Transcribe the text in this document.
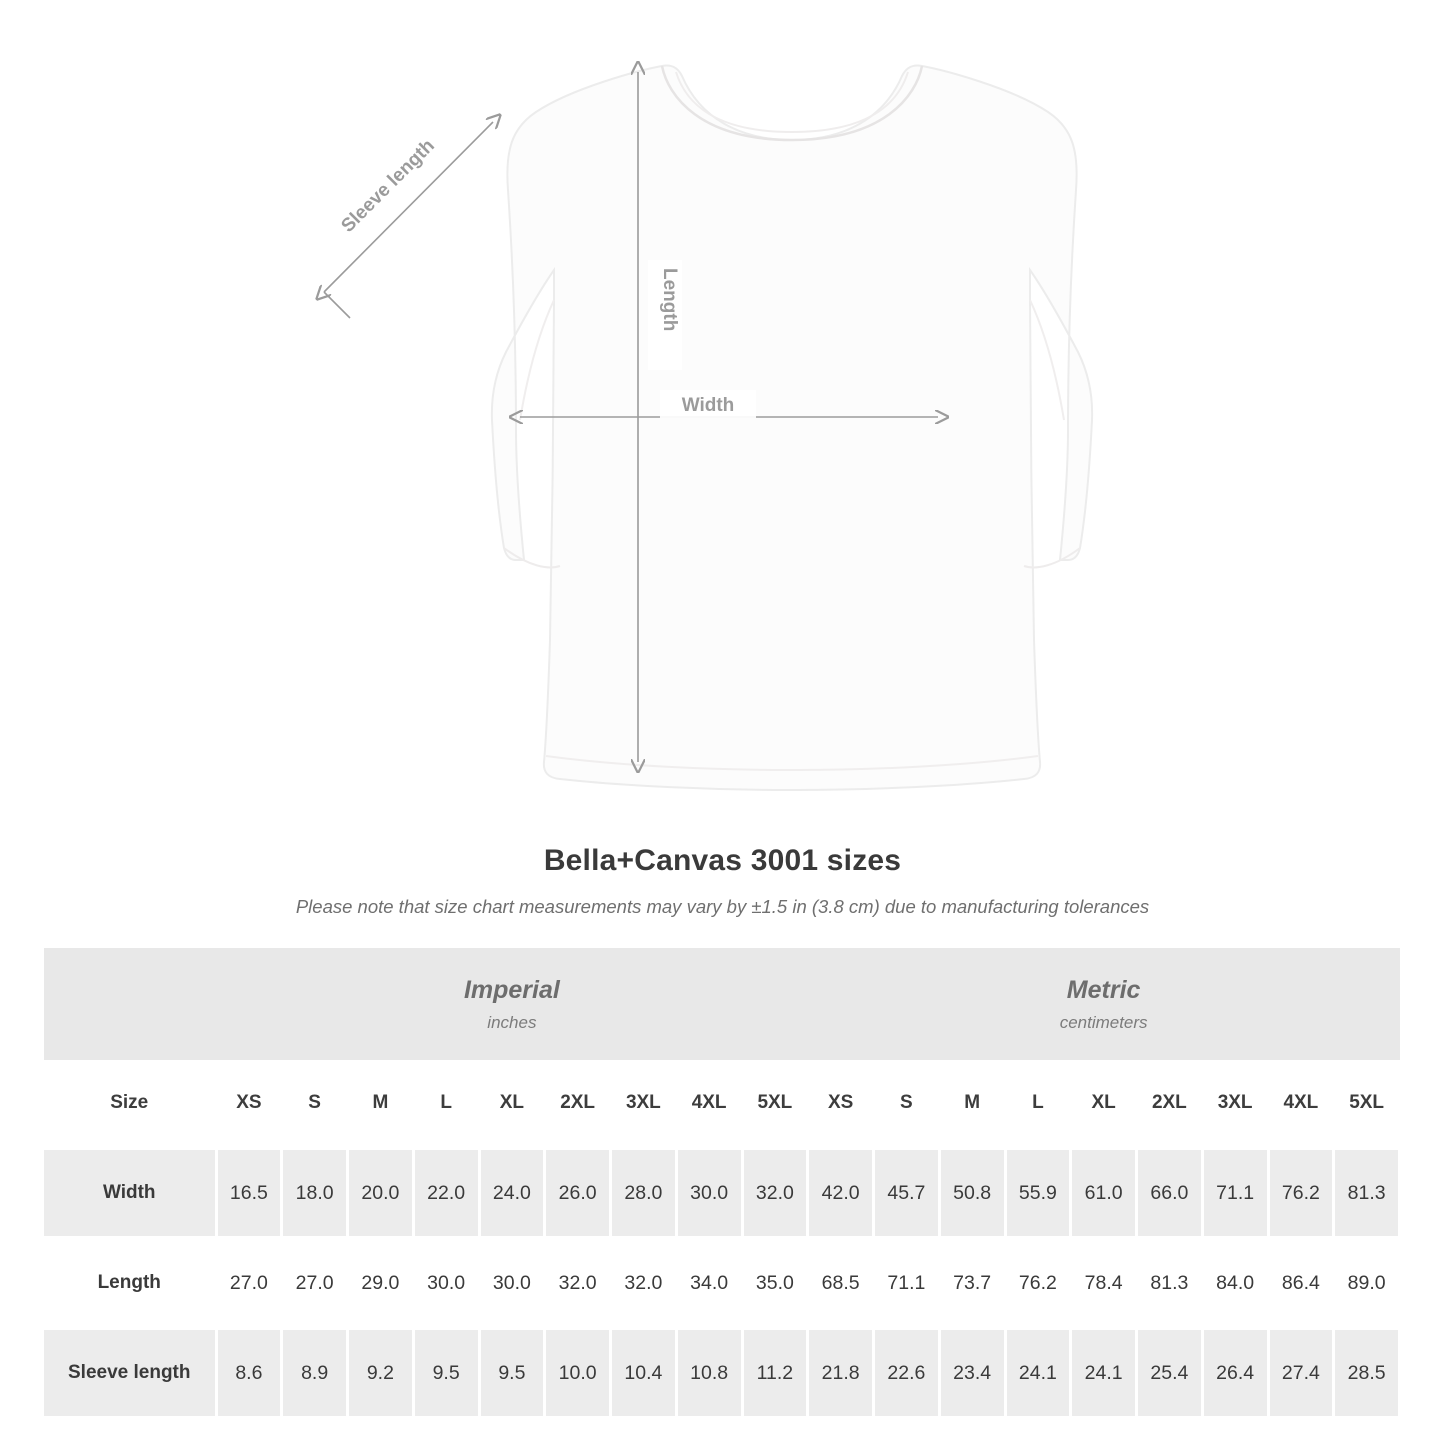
Length
Width
Sleeve length
Bella+Canvas 3001 sizes
Please note that size chart measurements may vary by ±1.5 in (3.8 cm) due to manufacturing tolerances

Imperial
inches

Metric
centimeters

Size	XS	S	M	L	XL	2XL	3XL	4XL	5XL	XS	S	M	L	XL	2XL	3XL	4XL	5XL

Width	16.5	18.0	20.0	22.0	24.0	26.0	28.0	30.0	32.0	42.0	45.7	50.8	55.9	61.0	66.0	71.1	76.2	81.3

Length	27.0	27.0	29.0	30.0	30.0	32.0	32.0	34.0	35.0	68.5	71.1	73.7	76.2	78.4	81.3	84.0	86.4	89.0

Sleeve length	8.6	8.9	9.2	9.5	9.5	10.0	10.4	10.8	11.2	21.8	22.6	23.4	24.1	24.1	25.4	26.4	27.4	28.5
